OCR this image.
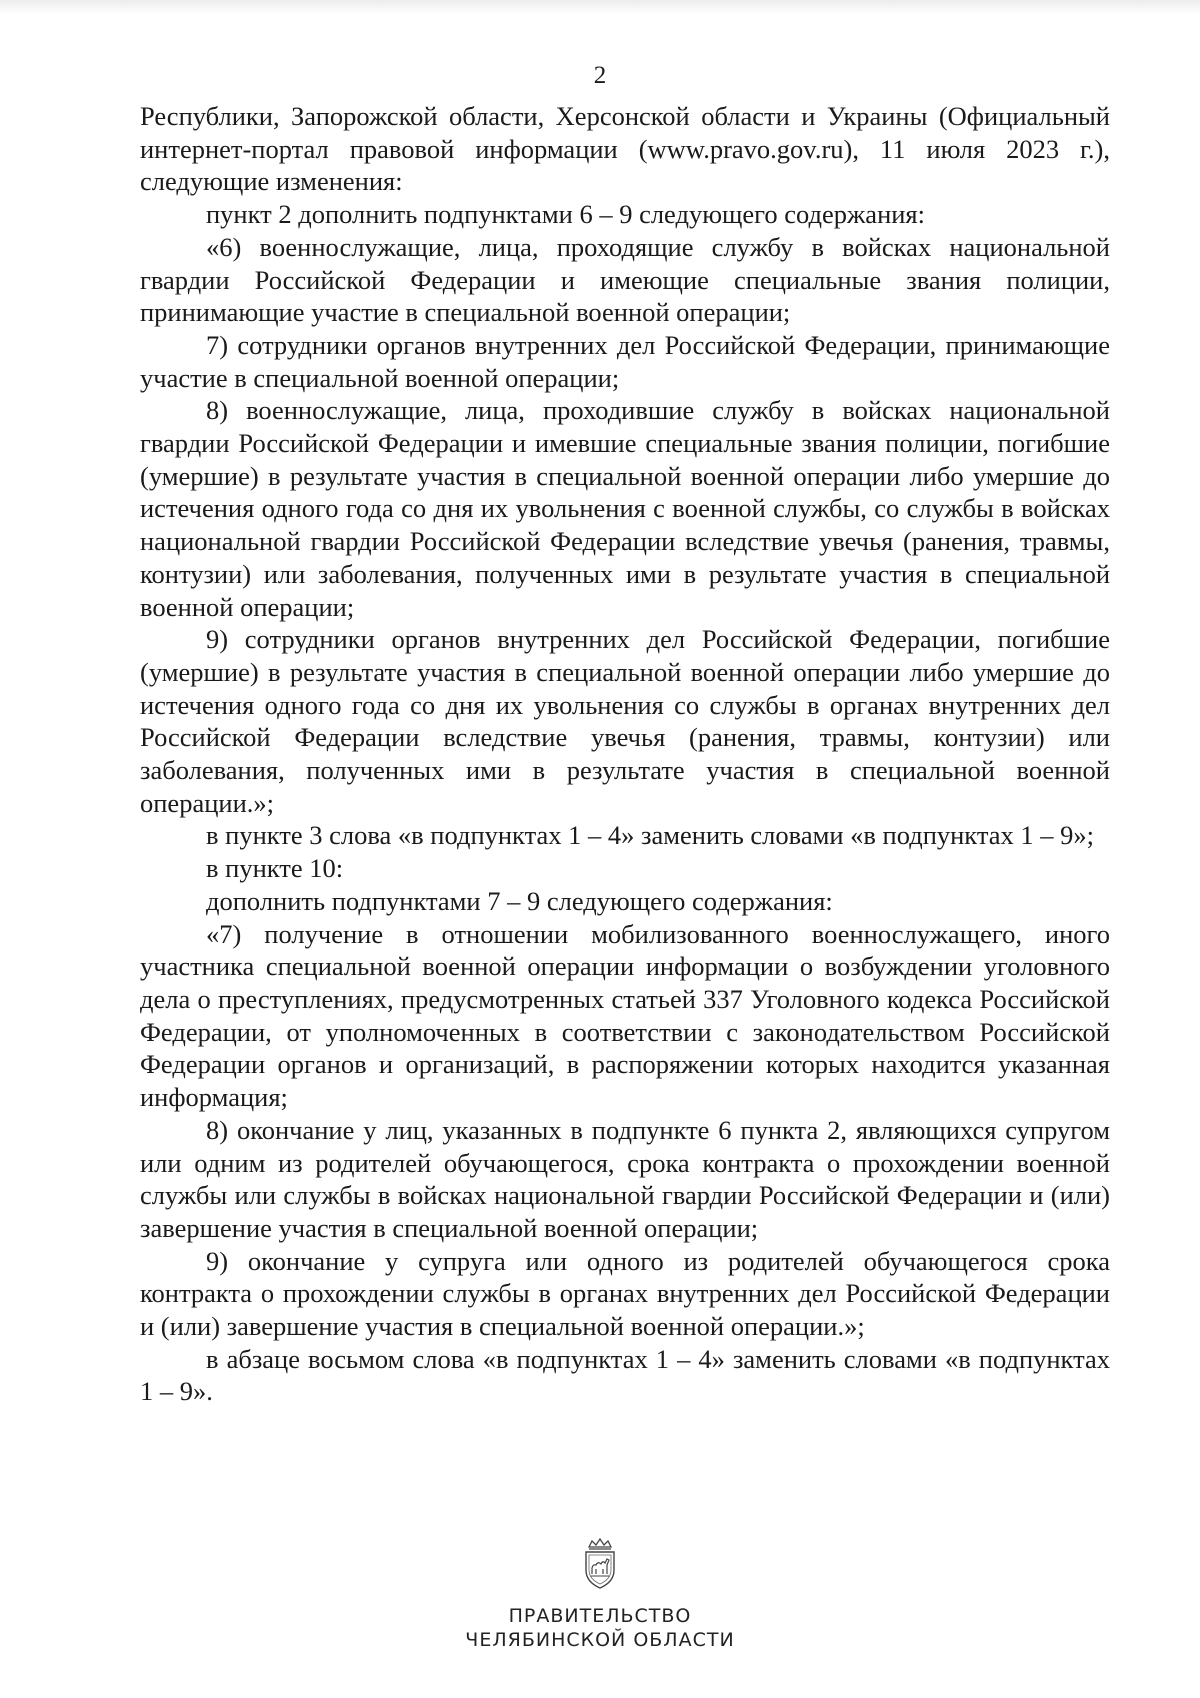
2

Республики, Запорожской области, Херсонской области и Украины (Официальный интернет-портал правовой информации (www.pravo.gov.ru), 11 июля 2023 г.), следующие изменения:

пункт 2 дополнить подпунктами 6 – 9 следующего содержания:

«6) военнослужащие, лица, проходящие службу в войсках национальной гвардии Российской Федерации и имеющие специальные звания полиции, принимающие участие в специальной военной операции;

7) сотрудники органов внутренних дел Российской Федерации, принимающие участие в специальной военной операции;

8) военнослужащие, лица, проходившие службу в войсках национальной гвардии Российской Федерации и имевшие специальные звания полиции, погибшие (умершие) в результате участия в специальной военной операции либо умершие до истечения одного года со дня их увольнения с военной службы, со службы в войсках национальной гвардии Российской Федерации вследствие увечья (ранения, травмы, контузии) или заболевания, полученных ими в результате участия в специальной военной операции;

9) сотрудники органов внутренних дел Российской Федерации, погибшие (умершие) в результате участия в специальной военной операции либо умершие до истечения одного года со дня их увольнения со службы в органах внутренних дел Российской Федерации вследствие увечья (ранения, травмы, контузии) или заболевания, полученных ими в результате участия в специальной военной операции.»;

в пункте 3 слова «в подпунктах 1 – 4» заменить словами «в подпунктах 1 – 9»;

в пункте 10:

дополнить подпунктами 7 – 9 следующего содержания:

«7) получение в отношении мобилизованного военнослужащего, иного участника специальной военной операции информации о возбуждении уголовного дела о преступлениях, предусмотренных статьей 337 Уголовного кодекса Российской Федерации, от уполномоченных в соответствии с законодательством Российской Федерации органов и организаций, в распоряжении которых находится указанная информация;

8) окончание у лиц, указанных в подпункте 6 пункта 2, являющихся супругом или одним из родителей обучающегося, срока контракта о прохождении военной службы или службы в войсках национальной гвардии Российской Федерации и (или) завершение участия в специальной военной операции;

9) окончание у супруга или одного из родителей обучающегося срока контракта о прохождении службы в органах внутренних дел Российской Федерации и (или) завершение участия в специальной военной операции.»;

в абзаце восьмом слова «в подпунктах 1 – 4» заменить словами «в подпунктах 1 – 9».

ПРАВИТЕЛЬСТВО
ЧЕЛЯБИНСКОЙ ОБЛАСТИ
